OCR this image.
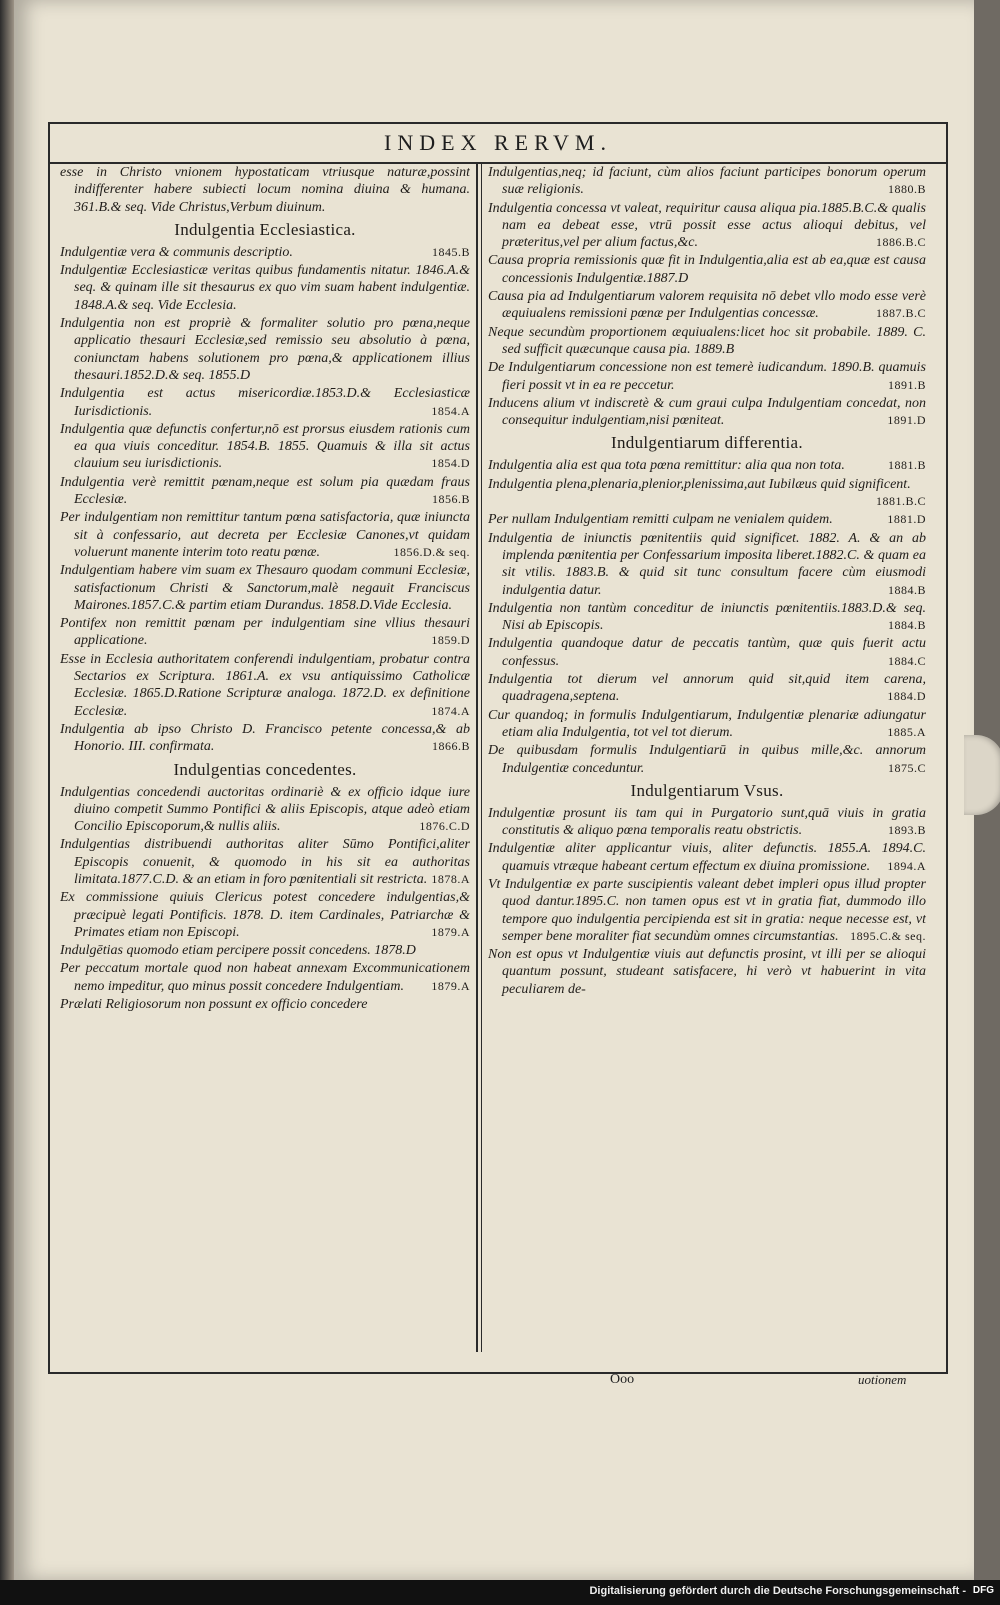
INDEX RERVM.

esse in Christo vnionem hypostaticam vtriusque naturæ,possint indifferenter habere subiecti locum nomina diuina & humana. 361.B.& seq. Vide Christus,Verbum diuinum.

Indulgentia Ecclesiastica.

Indulgentiæ vera & communis descriptio.	1845.B

Indulgentiæ Ecclesiasticæ veritas quibus fundamentis nitatur. 1846.A.& seq. & quinam ille sit thesaurus ex quo vim suam habent indulgentiæ. 1848.A.& seq. Vide Ecclesia.

Indulgentia non est propriè & formaliter solutio pro pœna,neque applicatio thesauri Ecclesiæ,sed remissio seu absolutio à pœna, coniunctam habens solutionem pro pœna,& applicationem illius thesauri.1852.D.& seq. 1855.D

Indulgentia est actus misericordiæ.1853.D.& Ecclesiasticæ Iurisdictionis.	1854.A

Indulgentia quæ defunctis confertur,nō est prorsus eiusdem rationis cum ea qua viuis conceditur. 1854.B. 1855. Quamuis & illa sit actus clauium seu iurisdictionis.	1854.D

Indulgentia verè remittit pœnam,neque est solum pia quædam fraus Ecclesiæ.	1856.B

Per indulgentiam non remittitur tantum pœna satisfactoria, quæ iniuncta sit à confessario, aut decreta per Ecclesiæ Canones,vt quidam voluerunt manente interim toto reatu pœnæ.	1856.D.& seq.

Indulgentiam habere vim suam ex Thesauro quodam communi Ecclesiæ, satisfactionum Christi & Sanctorum,malè negauit Franciscus Mairones.1857.C.& partim etiam Durandus. 1858.D.Vide Ecclesia.

Pontifex non remittit pœnam per indulgentiam sine vllius thesauri applicatione.	1859.D

Esse in Ecclesia authoritatem conferendi indulgentiam, probatur contra Sectarios ex Scriptura. 1861.A. ex vsu antiquissimo Catholicæ Ecclesiæ. 1865.D.Ratione Scripturæ analoga. 1872.D. ex definitione Ecclesiæ.	1874.A

Indulgentia ab ipso Christo D. Francisco petente concessa,& ab Honorio. III. confirmata.	1866.B

Indulgentias concedentes.

Indulgentias concedendi auctoritas ordinariè & ex officio idque iure diuino competit Summo Pontifici & aliis Episcopis, atque adeò etiam Concilio Episcoporum,& nullis aliis.	1876.C.D

Indulgentias distribuendi authoritas aliter Sūmo Pontifici,aliter Episcopis conuenit, & quomodo in his sit ea authoritas limitata.1877.C.D. & an etiam in foro pœnitentiali sit restricta. 1878.A

Ex commissione quiuis Clericus potest concedere indulgentias,& præcipuè legati Pontificis. 1878. D. item Cardinales, Patriarchæ & Primates etiam non Episcopi.	1879.A

Indulgētias quomodo etiam percipere possit concedens. 1878.D

Per peccatum mortale quod non habeat annexam Excommunicationem nemo impeditur, quo minus possit concedere Indulgentiam. 1879.A

Prælati Religiosorum non possunt ex officio concedere

Indulgentias,neq; id faciunt, cùm alios faciunt participes bonorum operum suæ religionis.	1880.B

Indulgentia concessa vt valeat, requiritur causa aliqua pia.1885.B.C.& qualis nam ea debeat esse, vtrū possit esse actus alioqui debitus, vel præteritus,vel per alium factus,&c.	1886.B.C

Causa propria remissionis quæ fit in Indulgentia,alia est ab ea,quæ est causa concessionis Indulgentiæ.1887.D

Causa pia ad Indulgentiarum valorem requisita nō debet vllo modo esse verè æquiualens remissioni pœnæ per Indulgentias concessæ.	1887.B.C

Neque secundùm proportionem æquiualens:licet hoc sit probabile. 1889. C. sed sufficit quæcunque causa pia. 1889.B

De Indulgentiarum concessione non est temerè iudicandum. 1890.B. quamuis fieri possit vt in ea re peccetur.	1891.B

Inducens alium vt indiscretè & cum graui culpa Indulgentiam concedat, non consequitur indulgentiam,nisi pœniteat.	1891.D

Indulgentiarum differentia.

Indulgentia alia est qua tota pœna remittitur: alia qua non tota.	1881.B

Indulgentia plena,plenaria,plenior,plenissima,aut Iubilæus quid significent.
1881.B.C

Per nullam Indulgentiam remitti culpam ne venialem quidem.	1881.D

Indulgentia de iniunctis pœnitentiis quid significet. 1882. A. & an ab implenda pœnitentia per Confessarium imposita liberet.1882.C. & quam ea sit vtilis. 1883.B. & quid sit tunc consultum facere cùm eiusmodi indulgentia datur.	1884.B

Indulgentia non tantùm conceditur de iniunctis pœnitentiis.1883.D.& seq. Nisi ab Episcopis.	1884.B

Indulgentia quandoque datur de peccatis tantùm, quæ quis fuerit actu confessus.	1884.C

Indulgentia tot dierum vel annorum quid sit,quid item carena, quadragena,septena.	1884.D

Cur quandoq; in formulis Indulgentiarum, Indulgentiæ plenariæ adiungatur etiam alia Indulgentia, tot vel tot dierum.	1885.A

De quibusdam formulis Indulgentiarū in quibus mille,&c. annorum Indulgentiæ conceduntur.	1875.C

Indulgentiarum Vsus.

Indulgentiæ prosunt iis tam qui in Purgatorio sunt,quā viuis in gratia constitutis & aliquo pœna temporalis reatu obstrictis.	1893.B

Indulgentiæ aliter applicantur viuis, aliter defunctis. 1855.A. 1894.C. quamuis vtræque habeant certum effectum ex diuina promissione. 1894.A

Vt Indulgentiæ ex parte suscipientis valeant debet impleri opus illud propter quod dantur.1895.C. non tamen opus est vt in gratia fiat, dummodo illo tempore quo indulgentia percipienda est sit in gratia: neque necesse est, vt semper bene moraliter fiat secundùm omnes circumstantias. 1895.C.& seq.

Non est opus vt Indulgentiæ viuis aut defunctis prosint, vt illi per se alioqui quantum possunt, studeant satisfacere, hi verò vt habuerint in vita peculiarem de-

Ooo	uotionem
Digitalisierung gefördert durch die Deutsche Forschungsgemeinschaft - DFG
